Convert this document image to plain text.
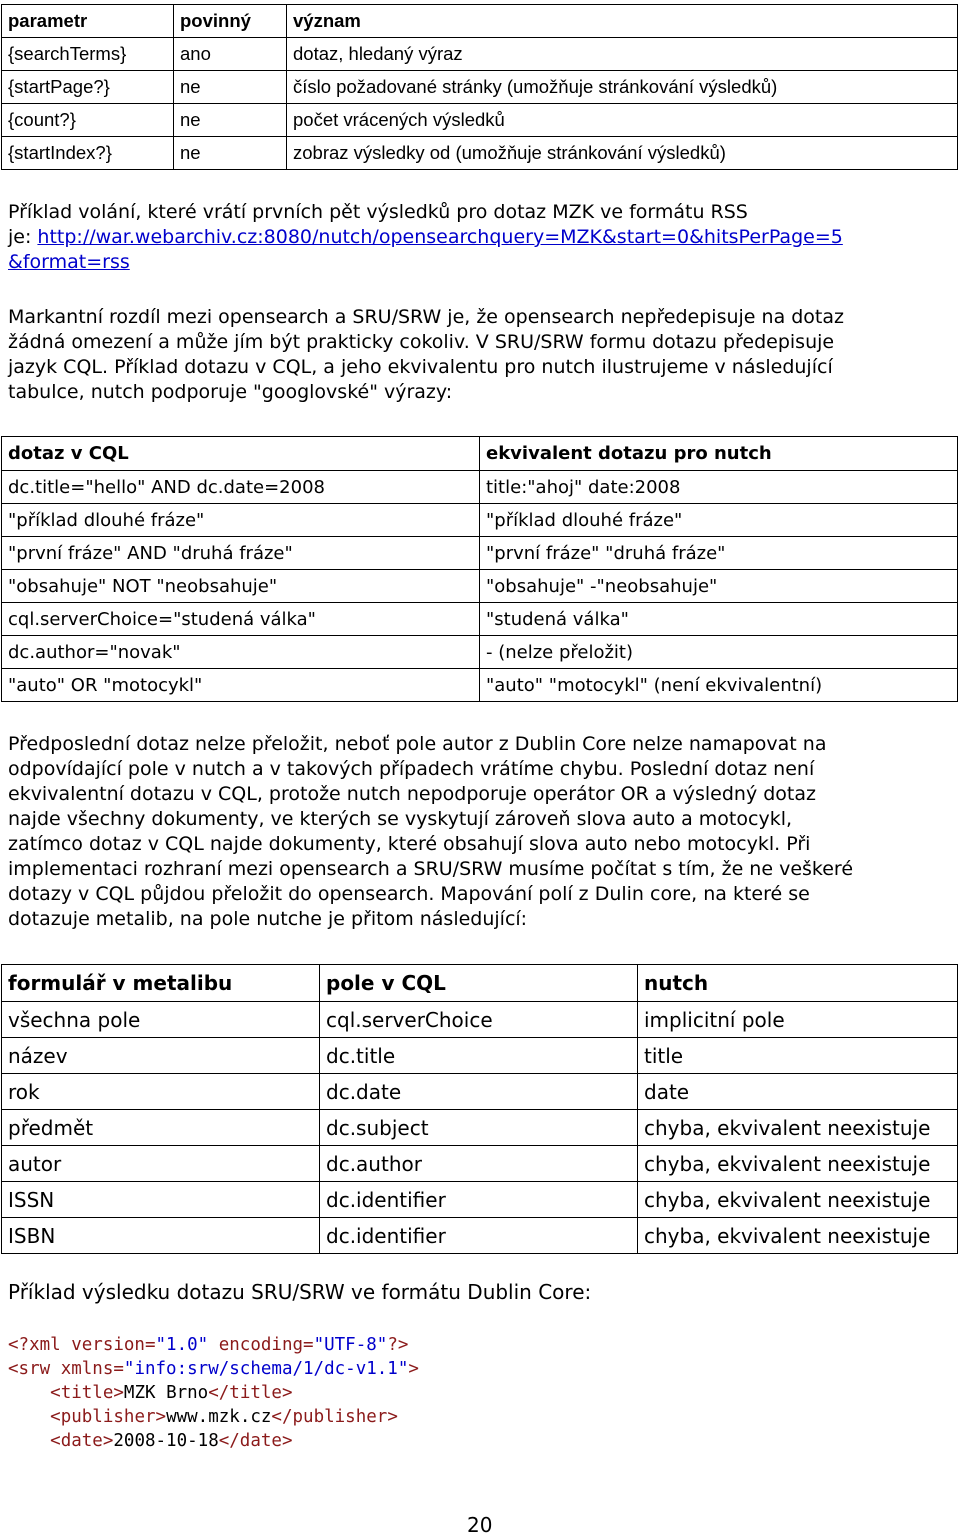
parametr	povinný	význam
{searchTerms}	ano	dotaz, hledaný výraz
{startPage?}	ne	číslo požadované stránky (umožňuje stránkování výsledků)
{count?}	ne	počet vrácených výsledků
{startIndex?}	ne	zobraz výsledky od (umožňuje stránkování výsledků)

Příklad volání, které vrátí prvních pět výsledků pro dotaz MZK ve formátu RSS

je: http://war.webarchiv.cz:8080/nutch/opensearchquery=MZK&start=0&hitsPerPage=5

&format=rss

Markantní rozdíl mezi opensearch a SRU/SRW je, že opensearch nepředepisuje na dotaz

žádná omezení a může jím být prakticky cokoliv. V SRU/SRW formu dotazu předepisuje

jazyk CQL. Příklad dotazu v CQL, a jeho ekvivalentu pro nutch ilustrujeme v následující

tabulce, nutch podporuje "googlovské" výrazy:

dotaz v CQL	ekvivalent dotazu pro nutch
dc.title="hello" AND dc.date=2008	title:"ahoj" date:2008
"příklad dlouhé fráze"	"příklad dlouhé fráze"
"první fráze" AND "druhá fráze"	"první fráze" "druhá fráze"
"obsahuje" NOT "neobsahuje"	"obsahuje" -"neobsahuje"
cql.serverChoice="studená válka"	"studená válka"
dc.author="novak"	- (nelze přeložit)
"auto" OR "motocykl"	"auto" "motocykl" (není ekvivalentní)

Předposlední dotaz nelze přeložit, neboť pole autor z Dublin Core nelze namapovat na

odpovídající pole v nutch a v takových případech vrátíme chybu. Poslední dotaz není

ekvivalentní dotazu v CQL, protože nutch nepodporuje operátor OR a výsledný dotaz

najde všechny dokumenty, ve kterých se vyskytují zároveň slova auto a motocykl,

zatímco dotaz v CQL najde dokumenty, které obsahují slova auto nebo motocykl. Při

implementaci rozhraní mezi opensearch a SRU/SRW musíme počítat s tím, že ne veškeré

dotazy v CQL půjdou přeložit do opensearch. Mapování polí z Dulin core, na které se

dotazuje metalib, na pole nutche je přitom následující:

formulář v metalibu	pole v CQL	nutch
všechna pole	cql.serverChoice	implicitní pole
název	dc.title	title
rok	dc.date	date
předmět	dc.subject	chyba, ekvivalent neexistuje
autor	dc.author	chyba, ekvivalent neexistuje
ISSN	dc.identifier	chyba, ekvivalent neexistuje
ISBN	dc.identifier	chyba, ekvivalent neexistuje

Příklad výsledku dotazu SRU/SRW ve formátu Dublin Core:

<?xml version="1.0" encoding="UTF-8"?>
<srw xmlns="info:srw/schema/1/dc-v1.1">
<title>MZK Brno</title>
<publisher>www.mzk.cz</publisher>
<date>2008-10-18</date>
20
